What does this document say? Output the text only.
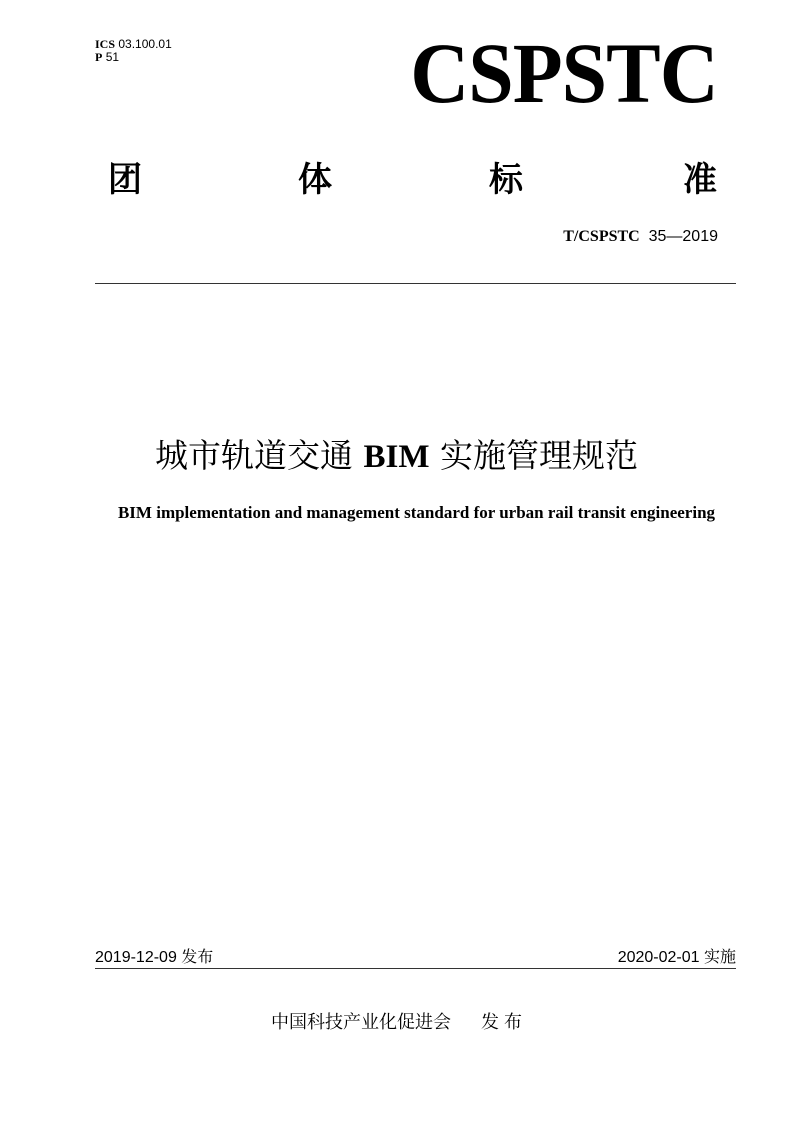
ICS 03.100.01
P 51	CSPSTC
团	体	标	准
T/CSPSTC 35—2019
城市轨道交通 BIM 实施管理规范
BIM implementation and management standard for urban rail transit engineering
2019-12-09 发布	2020-02-01 实施
中国科技产业化促进会 发 布
